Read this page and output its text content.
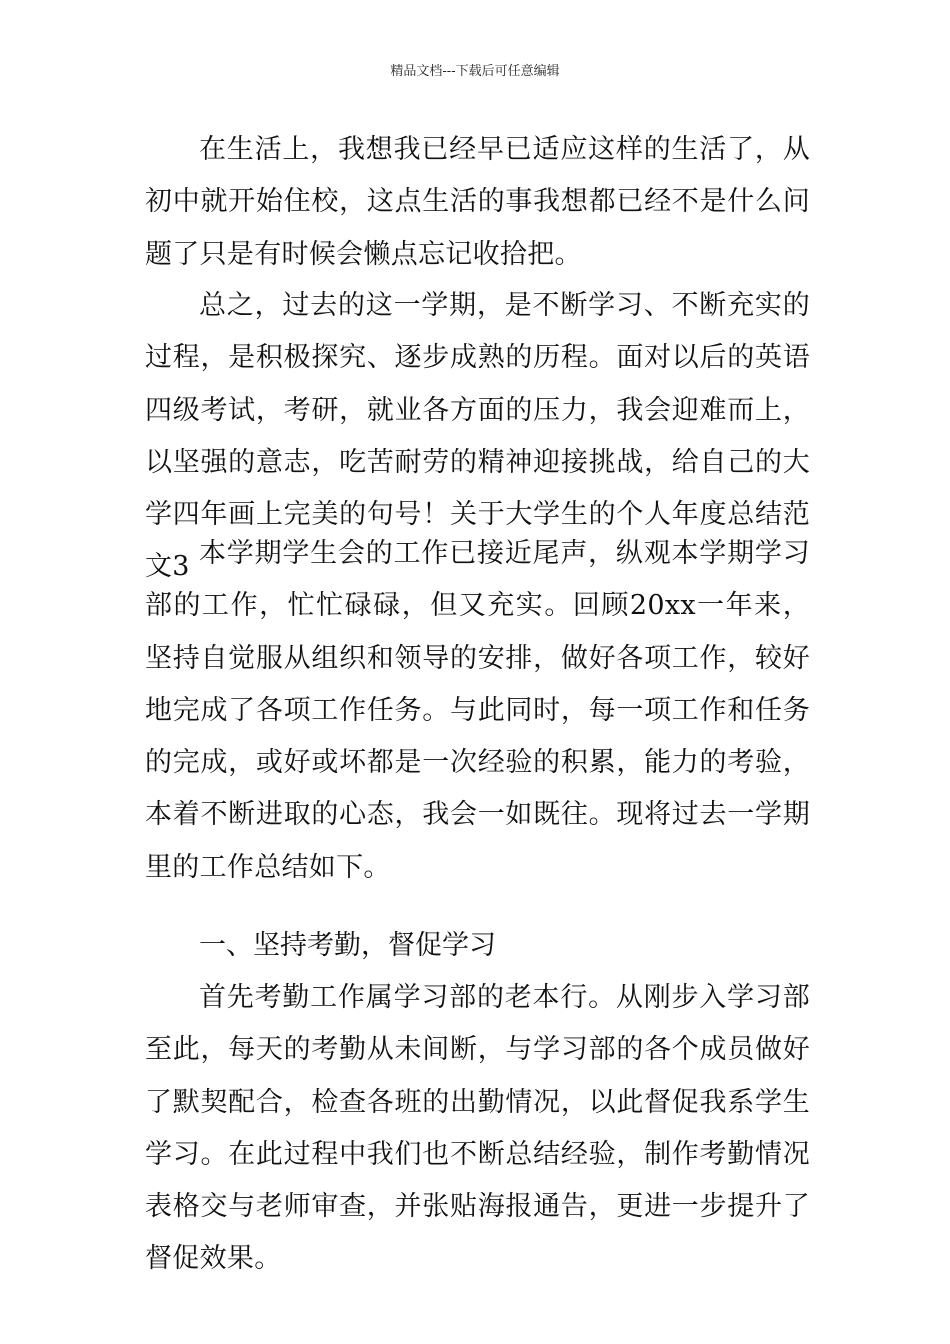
精品文档---下载后可任意编辑

在生活上，我想我已经早已适应这样的生活了，从初中就开始住校，这点生活的事我想都已经不是什么问题了只是有时候会懒点忘记收拾把。

总之，过去的这一学期，是不断学习、不断充实的过程，是积极探究、逐步成熟的历程。面对以后的英语四级考试，考研，就业各方面的压力，我会迎难而上，以坚强的意志，吃苦耐劳的精神迎接挑战，给自己的大学四年画上完美的句号！关于大学生的个人年度总结范文3 本学期学生会的工作已接近尾声，纵观本学期学习部的工作，忙忙碌碌，但又充实。回顾20xx一年来，坚持自觉服从组织和领导的安排，做好各项工作，较好地完成了各项工作任务。与此同时，每一项工作和任务的完成，或好或坏都是一次经验的积累，能力的考验，本着不断进取的心态，我会一如既往。现将过去一学期里的工作总结如下。

一、坚持考勤，督促学习

首先考勤工作属学习部的老本行。从刚步入学习部至此，每天的考勤从未间断，与学习部的各个成员做好了默契配合，检查各班的出勤情况，以此督促我系学生学习。在此过程中我们也不断总结经验，制作考勤情况表格交与老师审查，并张贴海报通告，更进一步提升了督促效果。
